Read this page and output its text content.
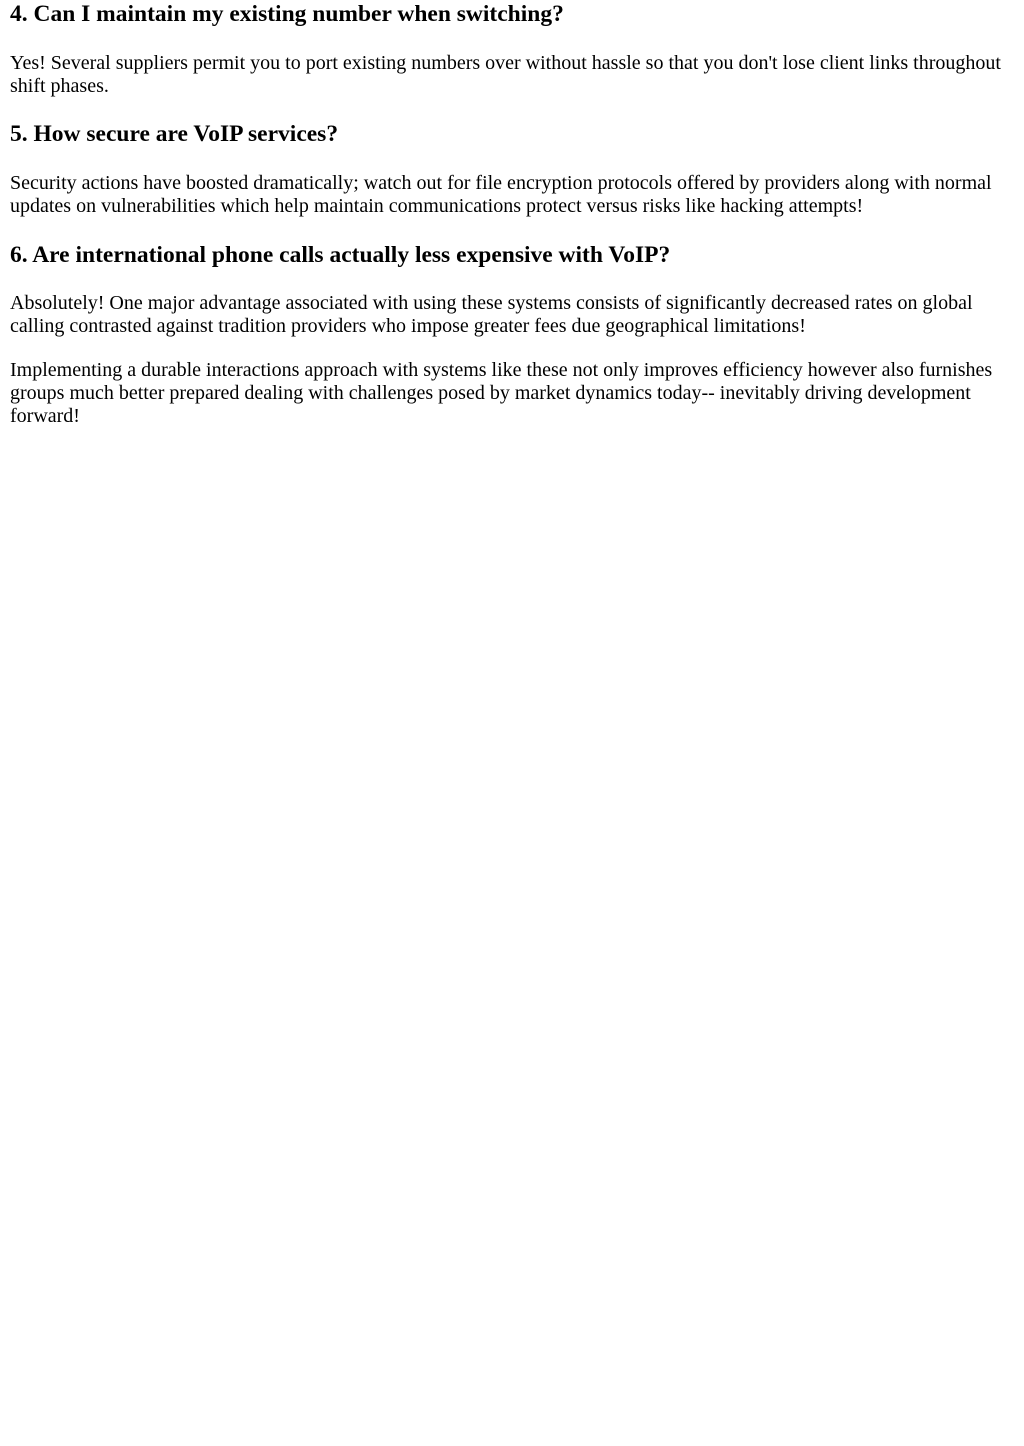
4. Can I maintain my existing number when switching?

Yes! Several suppliers permit you to port existing numbers over without hassle so that you don't lose client links throughout shift phases.

5. How secure are VoIP services?

Security actions have boosted dramatically; watch out for file encryption protocols offered by providers along with normal updates on vulnerabilities which help maintain communications protect versus risks like hacking attempts!

6. Are international phone calls actually less expensive with VoIP?

Absolutely! One major advantage associated with using these systems consists of significantly decreased rates on global calling contrasted against tradition providers who impose greater fees due geographical limitations!

Implementing a durable interactions approach with systems like these not only improves efficiency however also furnishes groups much better prepared dealing with challenges posed by market dynamics today-- inevitably driving development forward!
